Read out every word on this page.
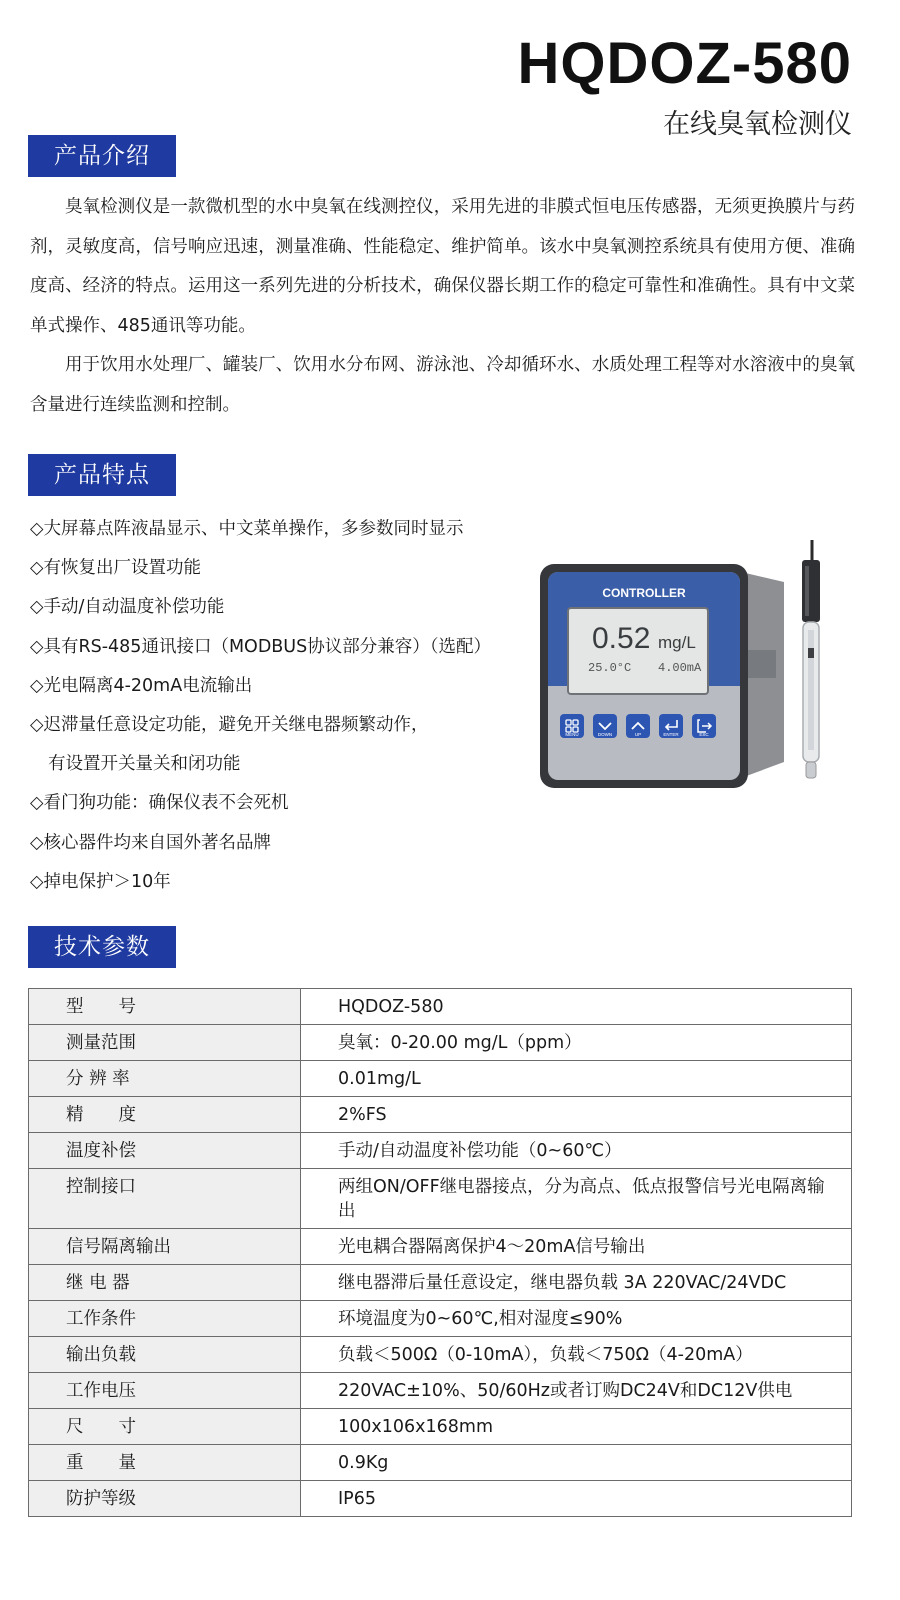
HQDOZ-580
在线臭氧检测仪
产品介绍

臭氧检测仪是一款微机型的水中臭氧在线测控仪，采用先进的非膜式恒电压传感器，无须更换膜片与药剂，灵敏度高，信号响应迅速，测量准确、性能稳定、维护简单。该水中臭氧测控系统具有使用方便、准确度高、经济的特点。运用这一系列先进的分析技术，确保仪器长期工作的稳定可靠性和准确性。具有中文菜单式操作、485通讯等功能。

用于饮用水处理厂、罐装厂、饮用水分布网、游泳池、冷却循环水、水质处理工程等对水溶液中的臭氧含量进行连续监测和控制。

产品特点
◇大屏幕点阵液晶显示、中文菜单操作，多参数同时显示
◇有恢复出厂设置功能
◇手动/自动温度补偿功能
◇具有RS-485通讯接口（MODBUS协议部分兼容）（选配）
◇光电隔离4-20mA电流输出
◇迟滞量任意设定功能，避免开关继电器频繁动作，
有设置开关量关和闭功能
◇看门狗功能：确保仪表不会死机
◇核心器件均来自国外著名品牌
◇掉电保护＞10年
CONTROLLER
0.52 mg/L
25.0°C 4.00mA
MENU	DOWN	UP	ENTER	ESC
技术参数
型　　号	HQDOZ-580
测量范围	臭氧：0-20.00 mg/L（ppm）
分 辨 率	0.01mg/L
精　　度	2%FS
温度补偿	手动/自动温度补偿功能（0~60℃）
控制接口	两组ON/OFF继电器接点，分为高点、低点报警信号光电隔离输出
信号隔离输出	光电耦合器隔离保护4～20mA信号输出
继 电 器	继电器滞后量任意设定，继电器负载 3A 220VAC/24VDC
工作条件	环境温度为0~60℃,相对湿度≤90%
输出负载	负载＜500Ω（0-10mA），负载＜750Ω（4-20mA）
工作电压	220VAC±10%、50/60Hz或者订购DC24V和DC12V供电
尺　　寸	100x106x168mm
重　　量	0.9Kg
防护等级	IP65
